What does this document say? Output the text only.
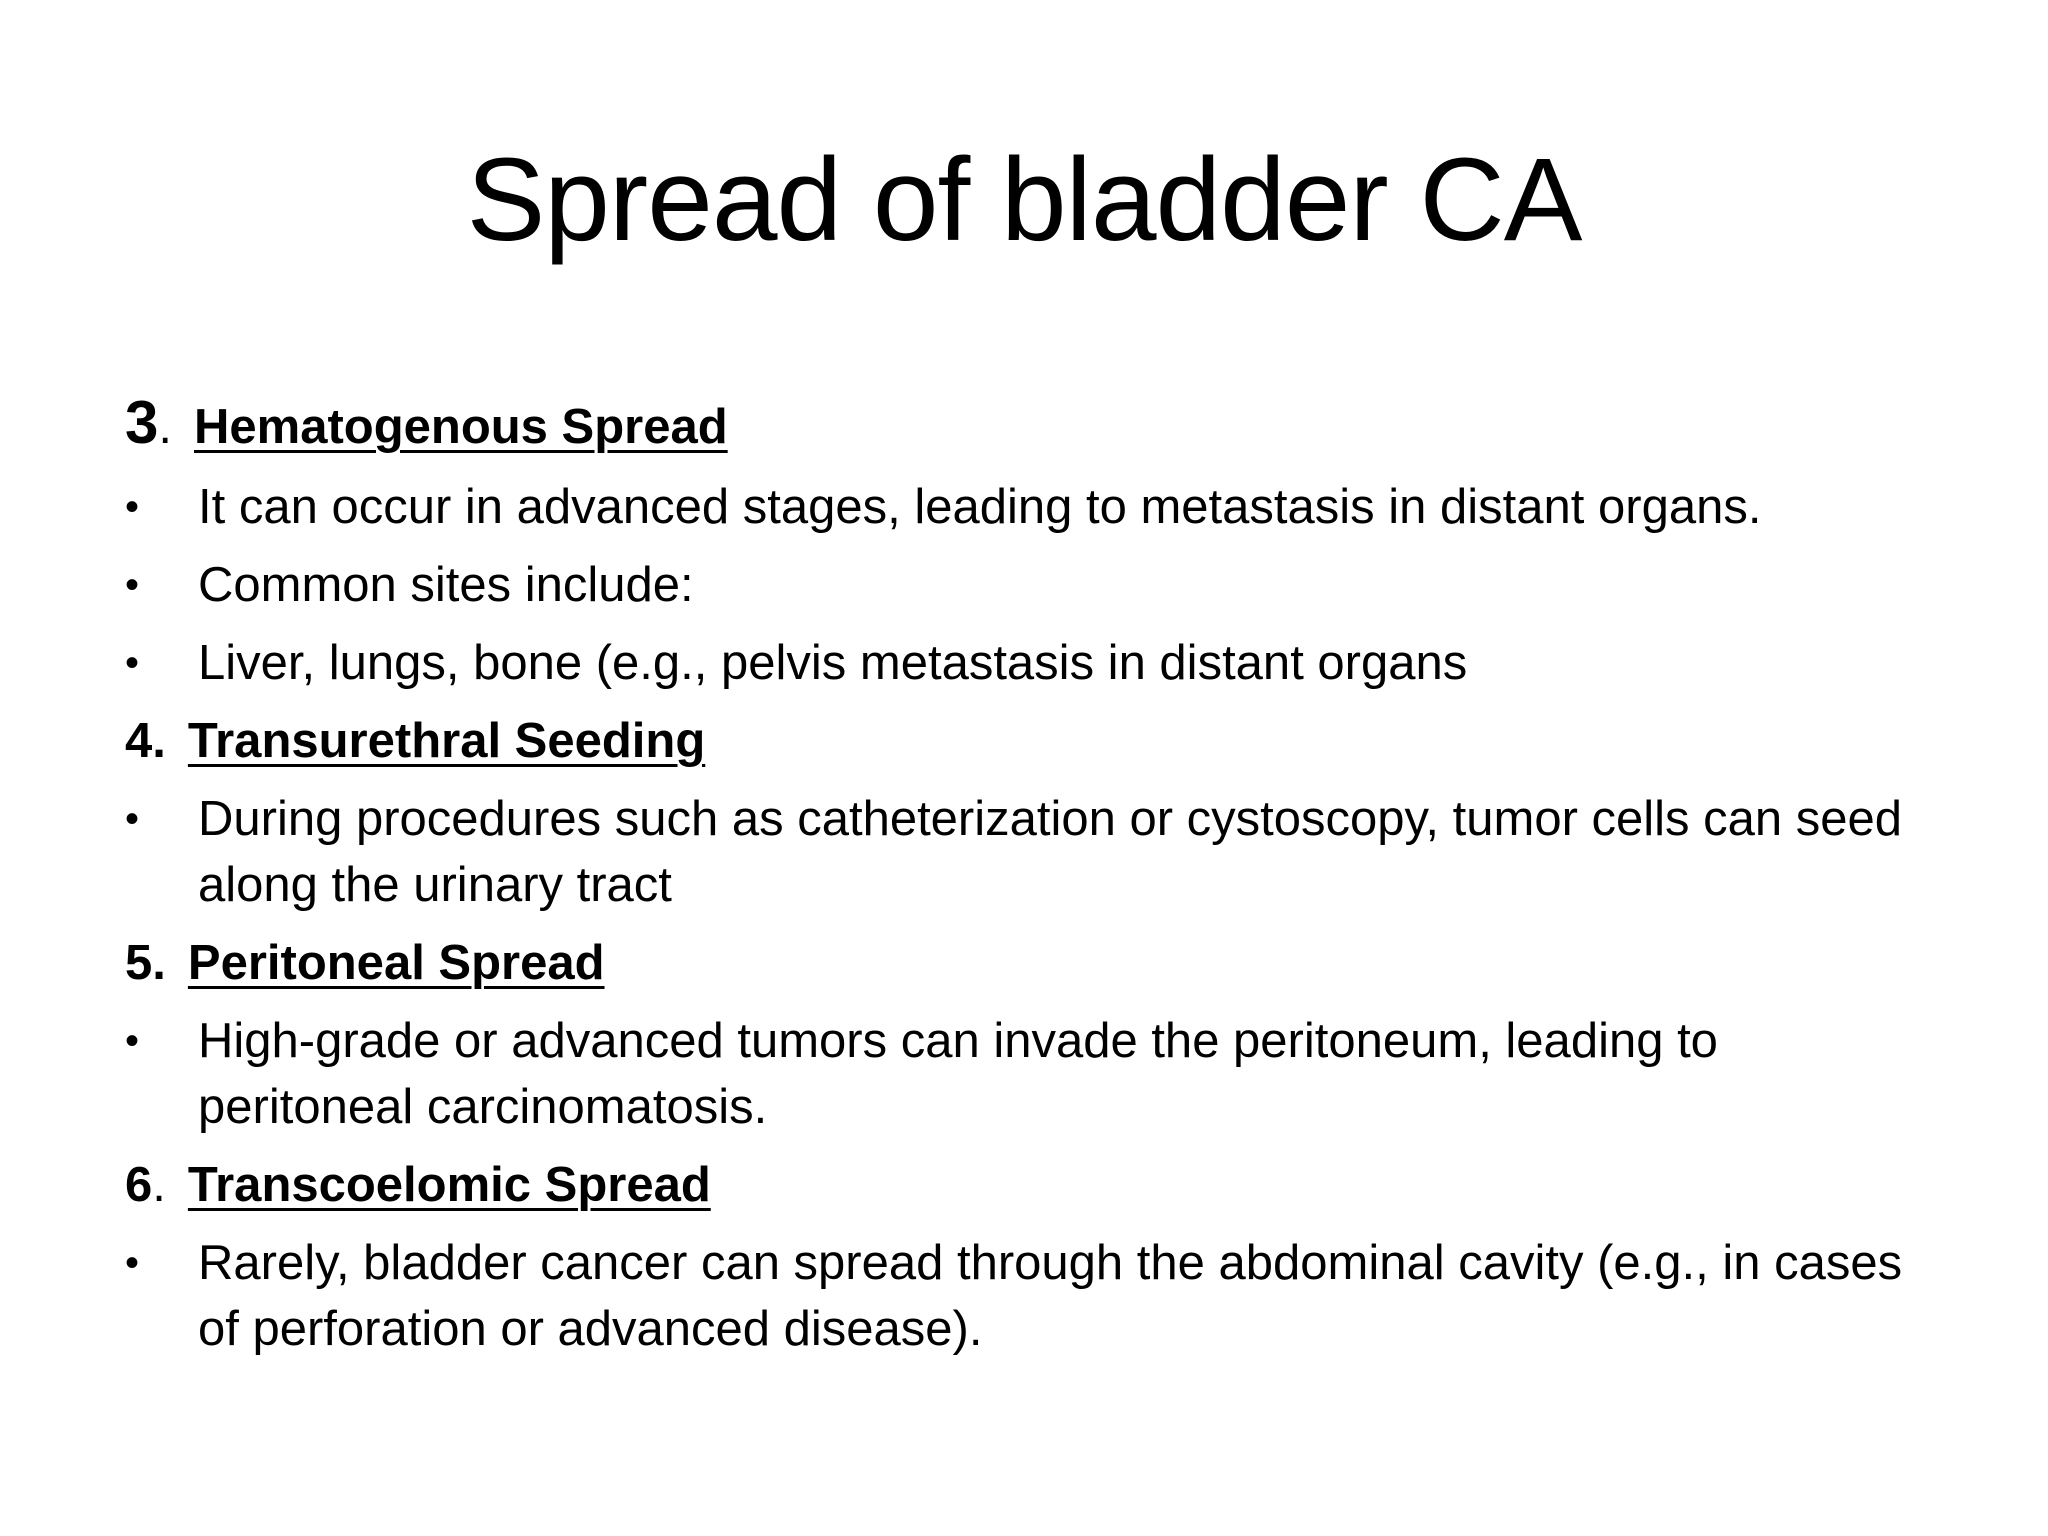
Spread of bladder CA
3 . Hematogenous Spread
•	It can occur in advanced stages, leading to metastasis in distant organs.
•	Common sites include:
•	Liver, lungs, bone (e.g., pelvis metastasis in distant organs
4 . Transurethral Seeding
•	During procedures such as catheterization or cystoscopy, tumor cells can seed along the urinary tract
5 . Peritoneal Spread
•	High-grade or advanced tumors can invade the peritoneum, leading to peritoneal carcinomatosis.
6 . Transcoelomic Spread
•	Rarely, bladder cancer can spread through the abdominal cavity (e.g., in cases of perforation or advanced disease).
